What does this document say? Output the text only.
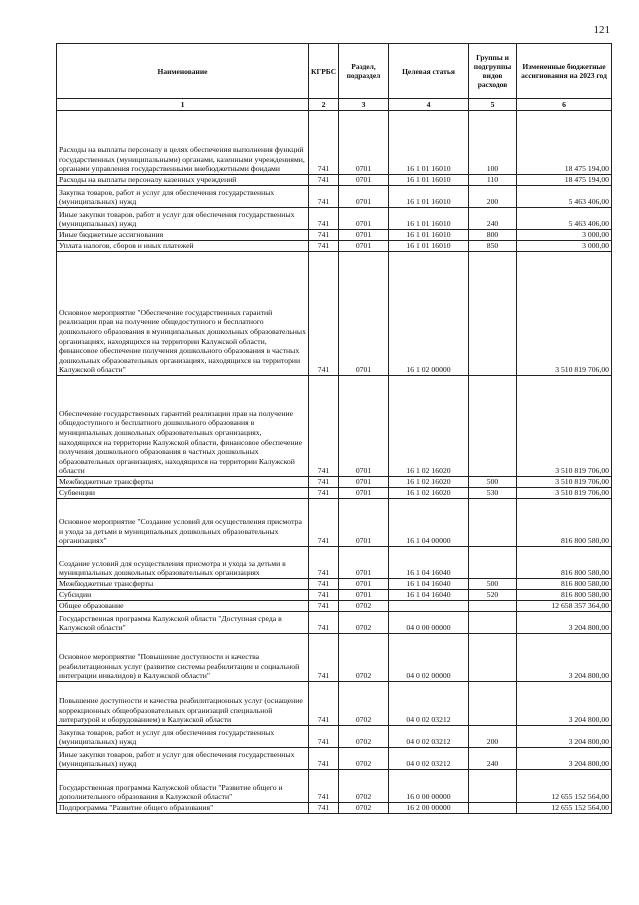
121
Наименование	КГРБС	Раздел, подраздел	Целевая статья	Группы и подгруппы видов расходов	Измененные бюджетные ассигнования на 2023 год
1	2	3	4	5	6
Расходы на выплаты персоналу в целях обеспечения выполнения функций государственных (муниципальными) органами, казенными учреждениями, органами управления государственными внебюджетными фондами	741	0701	16 1 01 16010	100	18 475 194,00
Расходы на выплаты персоналу казенных учреждений	741	0701	16 1 01 16010	110	18 475 194,00
Закупка товаров, работ и услуг для обеспечения государственных (муниципальных) нужд	741	0701	16 1 01 16010	200	5 463 406,00
Иные закупки товаров, работ и услуг для обеспечения государственных (муниципальных) нужд	741	0701	16 1 01 16010	240	5 463 406,00
Иные бюджетные ассигнования	741	0701	16 1 01 16010	800	3 000,00
Уплата налогов, сборов и иных платежей	741	0701	16 1 01 16010	850	3 000,00
Основное мероприятие "Обеспечение государственных гарантий реализации прав на получение общедоступного и бесплатного дошкольного образования в муниципальных дошкольных образовательных организациях, находящихся на территории Калужской области, финансовое обеспечение получения дошкольного образования в частных дошкольных образовательных организациях, находящихся на территории Калужской области"	741	0701	16 1 02 00000		3 510 819 706,00
Обеспечение государственных гарантий реализации прав на получение общедоступного и бесплатного дошкольного образования в муниципальных дошкольных образовательных организациях, находящихся на территории Калужской области, финансовое обеспечение получения дошкольного образования в частных дошкольных образовательных организациях, находящихся на территории Калужской области	741	0701	16 1 02 16020		3 510 819 706,00
Межбюджетные трансферты	741	0701	16 1 02 16020	500	3 510 819 706,00
Субвенции	741	0701	16 1 02 16020	530	3 510 819 706,00
Основное мероприятие "Создание условий для осуществления присмотра и ухода за детьми в муниципальных дошкольных образовательных организациях"	741	0701	16 1 04 00000		816 800 580,00
Создание условий для осуществления присмотра и ухода за детьми в муниципальных дошкольных образовательных организациях	741	0701	16 1 04 16040		816 800 580,00
Межбюджетные трансферты	741	0701	16 1 04 16040	500	816 800 580,00
Субсидии	741	0701	16 1 04 16040	520	816 800 580,00
Общее образование	741	0702			12 658 357 364,00
Государственная программа Калужской области "Доступная среда в Калужской области"	741	0702	04 0 00 00000		3 204 800,00
Основное мероприятие "Повышение доступности и качества реабилитационных услуг (развитие системы реабилитации и социальной интеграции инвалидов) в Калужской области"	741	0702	04 0 02 00000		3 204 800,00
Повышение доступности и качества реабилитационных услуг (оснащение коррекционных общеобразовательных организаций специальной литературой и оборудованием) в Калужской области	741	0702	04 0 02 03212		3 204 800,00
Закупка товаров, работ и услуг для обеспечения государственных (муниципальных) нужд	741	0702	04 0 02 03212	200	3 204 800,00
Иные закупки товаров, работ и услуг для обеспечения государственных (муниципальных) нужд	741	0702	04 0 02 03212	240	3 204 800,00
Государственная программа Калужской области "Развитие общего и дополнительного образования в Калужской области"	741	0702	16 0 00 00000		12 655 152 564,00
Подпрограмма "Развитие общего образования"	741	0702	16 2 00 00000		12 655 152 564,00
